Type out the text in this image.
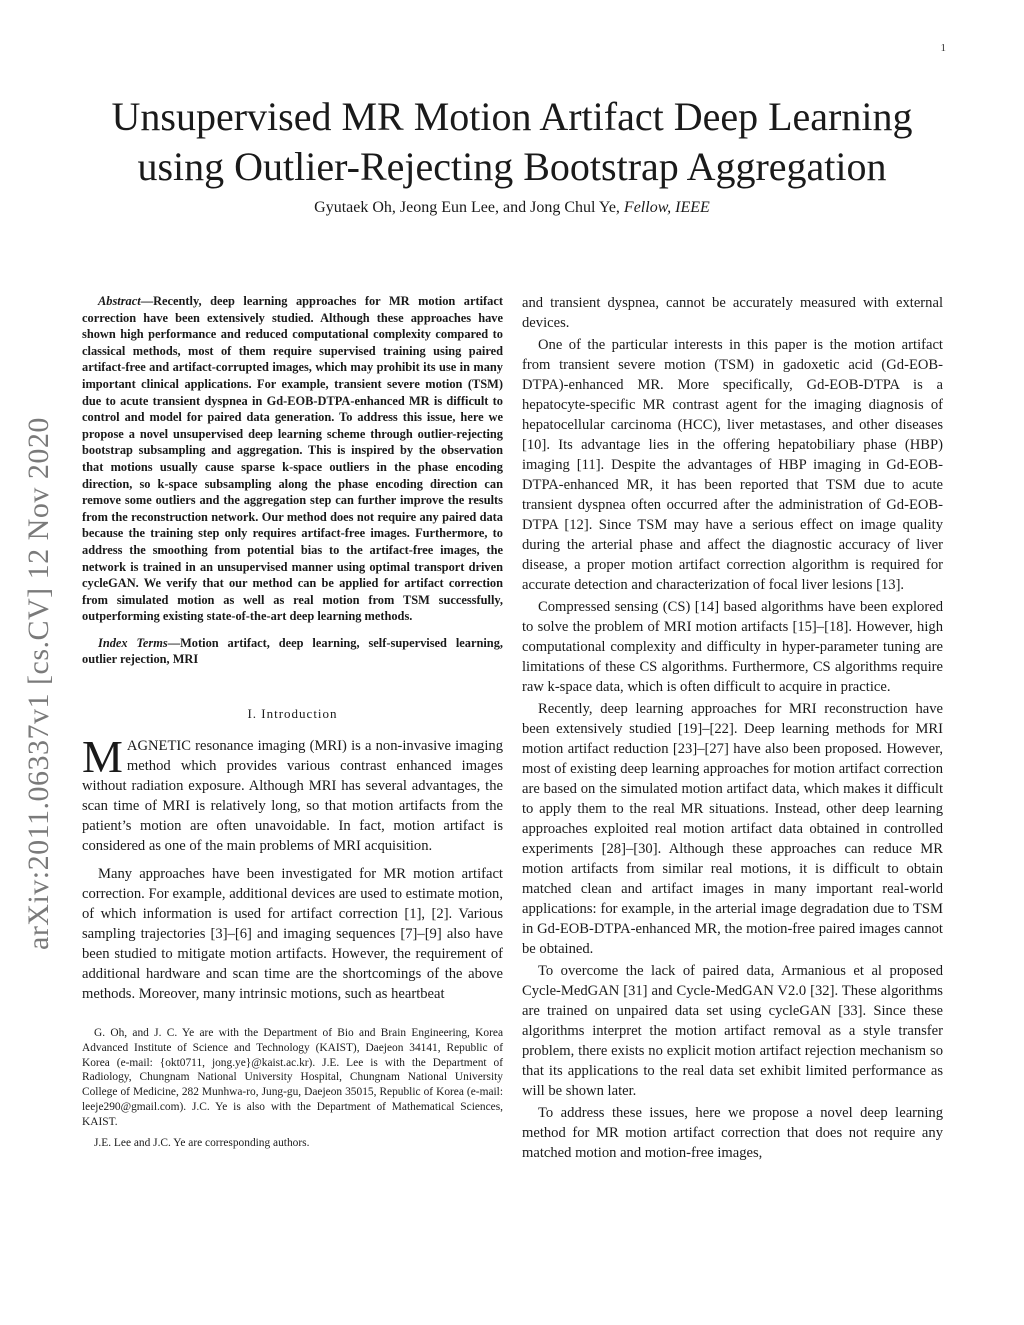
1
arXiv:2011.06337v1 [cs.CV] 12 Nov 2020
Unsupervised MR Motion Artifact Deep Learning
using Outlier-Rejecting Bootstrap Aggregation
Gyutaek Oh, Jeong Eun Lee, and Jong Chul Ye, Fellow, IEEE

Abstract—Recently, deep learning approaches for MR motion artifact correction have been extensively studied. Although these approaches have shown high performance and reduced computational complexity compared to classical methods, most of them require supervised training using paired artifact-free and artifact-corrupted images, which may prohibit its use in many important clinical applications. For example, transient severe motion (TSM) due to acute transient dyspnea in Gd-EOB-DTPA-enhanced MR is difficult to control and model for paired data generation. To address this issue, here we propose a novel unsupervised deep learning scheme through outlier-rejecting bootstrap subsampling and aggregation. This is inspired by the observation that motions usually cause sparse k-space outliers in the phase encoding direction, so k-space subsampling along the phase encoding direction can remove some outliers and the aggregation step can further improve the results from the reconstruction network. Our method does not require any paired data because the training step only requires artifact-free images. Furthermore, to address the smoothing from potential bias to the artifact-free images, the network is trained in an unsupervised manner using optimal transport driven cycleGAN. We verify that our method can be applied for artifact correction from simulated motion as well as real motion from TSM successfully, outperforming existing state-of-the-art deep learning methods.

Index Terms—Motion artifact, deep learning, self-supervised learning, outlier rejection, MRI

I. Introduction

MAGNETIC resonance imaging (MRI) is a non-invasive imaging method which provides various contrast enhanced images without radiation exposure. Although MRI has several advantages, the scan time of MRI is relatively long, so that motion artifacts from the patient’s motion are often unavoidable. In fact, motion artifact is considered as one of the main problems of MRI acquisition.

Many approaches have been investigated for MR motion artifact correction. For example, additional devices are used to estimate motion, of which information is used for artifact correction [1], [2]. Various sampling trajectories [3]–[6] and imaging sequences [7]–[9] also have been studied to mitigate motion artifacts. However, the requirement of additional hardware and scan time are the shortcomings of the above methods. Moreover, many intrinsic motions, such as heartbeat

G. Oh, and J. C. Ye are with the Department of Bio and Brain Engineering, Korea Advanced Institute of Science and Technology (KAIST), Daejeon 34141, Republic of Korea (e-mail: {okt0711, jong.ye}@kaist.ac.kr). J.E. Lee is with the Department of Radiology, Chungnam National University Hospital, Chungnam National University College of Medicine, 282 Munhwa-ro, Jung-gu, Daejeon 35015, Republic of Korea (e-mail: leeje290@gmail.com). J.C. Ye is also with the Department of Mathematical Sciences, KAIST.

J.E. Lee and J.C. Ye are corresponding authors.

and transient dyspnea, cannot be accurately measured with external devices.

One of the particular interests in this paper is the motion artifact from transient severe motion (TSM) in gadoxetic acid (Gd-EOB-DTPA)-enhanced MR. More specifically, Gd-EOB-DTPA is a hepatocyte-specific MR contrast agent for the imaging diagnosis of hepatocellular carcinoma (HCC), liver metastases, and other diseases [10]. Its advantage lies in the offering hepatobiliary phase (HBP) imaging [11]. Despite the advantages of HBP imaging in Gd-EOB-DTPA-enhanced MR, it has been reported that TSM due to acute transient dyspnea often occurred after the administration of Gd-EOB-DTPA [12]. Since TSM may have a serious effect on image quality during the arterial phase and affect the diagnostic accuracy of liver disease, a proper motion artifact correction algorithm is required for accurate detection and characterization of focal liver lesions [13].

Compressed sensing (CS) [14] based algorithms have been explored to solve the problem of MRI motion artifacts [15]–[18]. However, high computational complexity and difficulty in hyper-parameter tuning are limitations of these CS algorithms. Furthermore, CS algorithms require raw k-space data, which is often difficult to acquire in practice.

Recently, deep learning approaches for MRI reconstruction have been extensively studied [19]–[22]. Deep learning methods for MRI motion artifact reduction [23]–[27] have also been proposed. However, most of existing deep learning approaches for motion artifact correction are based on the simulated motion artifact data, which makes it difficult to apply them to the real MR situations. Instead, other deep learning approaches exploited real motion artifact data obtained in controlled experiments [28]–[30]. Although these approaches can reduce MR motion artifacts from similar real motions, it is difficult to obtain matched clean and artifact images in many important real-world applications: for example, in the arterial image degradation due to TSM in Gd-EOB-DTPA-enhanced MR, the motion-free paired images cannot be obtained.

To overcome the lack of paired data, Armanious et al proposed Cycle-MedGAN [31] and Cycle-MedGAN V2.0 [32]. These algorithms are trained on unpaired data set using cycleGAN [33]. Since these algorithms interpret the motion artifact removal as a style transfer problem, there exists no explicit motion artifact rejection mechanism so that its applications to the real data set exhibit limited performance as will be shown later.

To address these issues, here we propose a novel deep learning method for MR motion artifact correction that does not require any matched motion and motion-free images,
